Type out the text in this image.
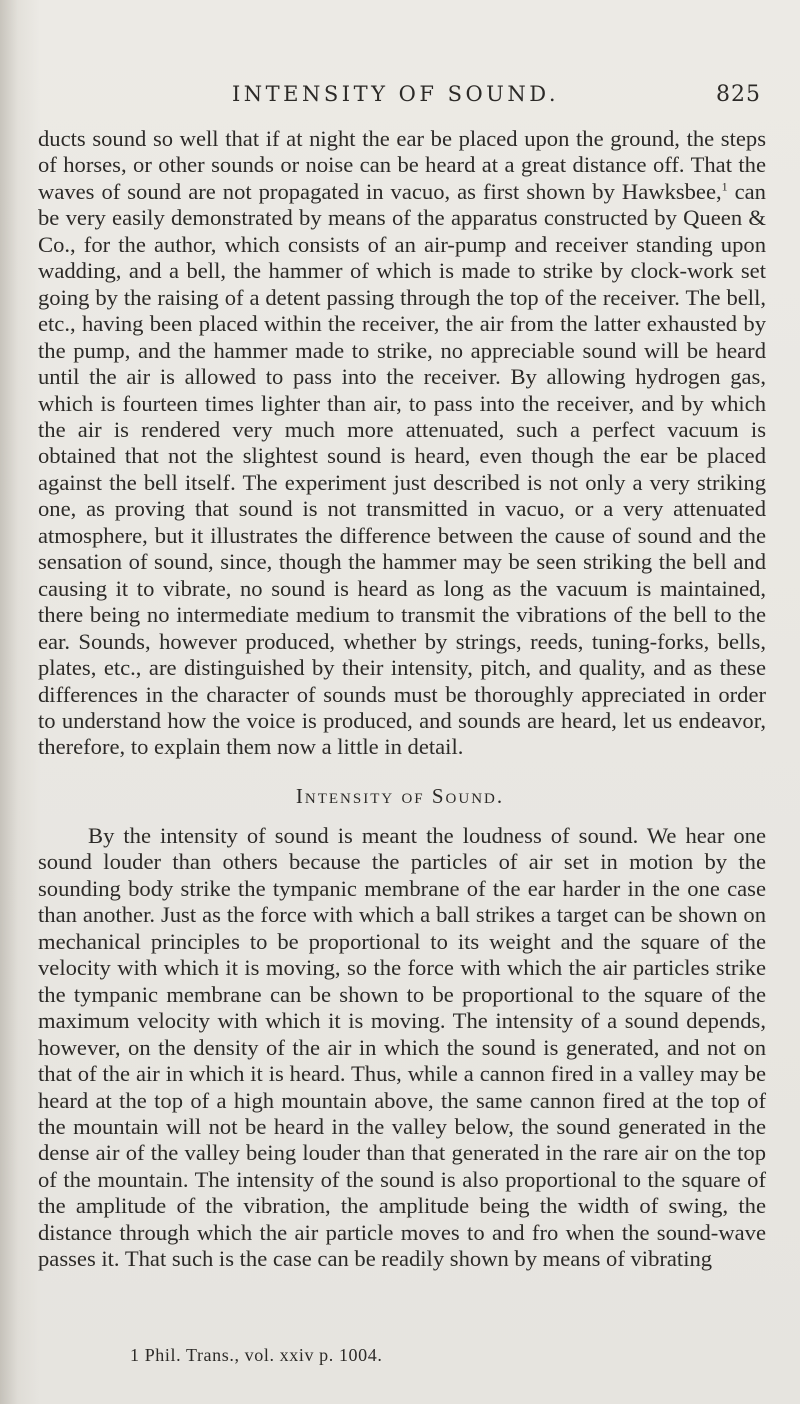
INTENSITY OF SOUND.	825

ducts sound so well that if at night the ear be placed upon the ground, the steps of horses, or other sounds or noise can be heard at a great distance off. That the waves of sound are not propagated in vacuo, as first shown by Hawksbee,$^1$ can be very easily demonstrated by means of the apparatus constructed by Queen & Co., for the author, which consists of an air-pump and receiver standing upon wadding, and a bell, the hammer of which is made to strike by clock-work set going by the raising of a detent passing through the top of the receiver. The bell, etc., having been placed within the receiver, the air from the latter exhausted by the pump, and the hammer made to strike, no appreciable sound will be heard until the air is allowed to pass into the receiver. By allowing hydrogen gas, which is fourteen times lighter than air, to pass into the receiver, and by which the air is rendered very much more attenuated, such a perfect vacuum is obtained that not the slightest sound is heard, even though the ear be placed against the bell itself. The experiment just described is not only a very striking one, as proving that sound is not transmitted in vacuo, or a very attenuated atmosphere, but it illustrates the difference between the cause of sound and the sensation of sound, since, though the hammer may be seen striking the bell and causing it to vibrate, no sound is heard as long as the vacuum is maintained, there being no intermediate medium to transmit the vibrations of the bell to the ear. Sounds, however produced, whether by strings, reeds, tuning-forks, bells, plates, etc., are distinguished by their intensity, pitch, and quality, and as these differences in the character of sounds must be thoroughly appreciated in order to understand how the voice is produced, and sounds are heard, let us endeavor, therefore, to explain them now a little in detail.

Intensity of Sound.

By the intensity of sound is meant the loudness of sound. We hear one sound louder than others because the particles of air set in motion by the sounding body strike the tympanic membrane of the ear harder in the one case than another. Just as the force with which a ball strikes a target can be shown on mechanical principles to be proportional to its weight and the square of the velocity with which it is moving, so the force with which the air particles strike the tympanic membrane can be shown to be proportional to the square of the maximum velocity with which it is moving. The intensity of a sound depends, however, on the density of the air in which the sound is generated, and not on that of the air in which it is heard. Thus, while a cannon fired in a valley may be heard at the top of a high mountain above, the same cannon fired at the top of the mountain will not be heard in the valley below, the sound generated in the dense air of the valley being louder than that generated in the rare air on the top of the mountain. The intensity of the sound is also proportional to the square of the amplitude of the vibration, the amplitude being the width of swing, the distance through which the air particle moves to and fro when the sound-wave passes it. That such is the case can be readily shown by means of vibrating

1 Phil. Trans., vol. xxiv p. 1004.
